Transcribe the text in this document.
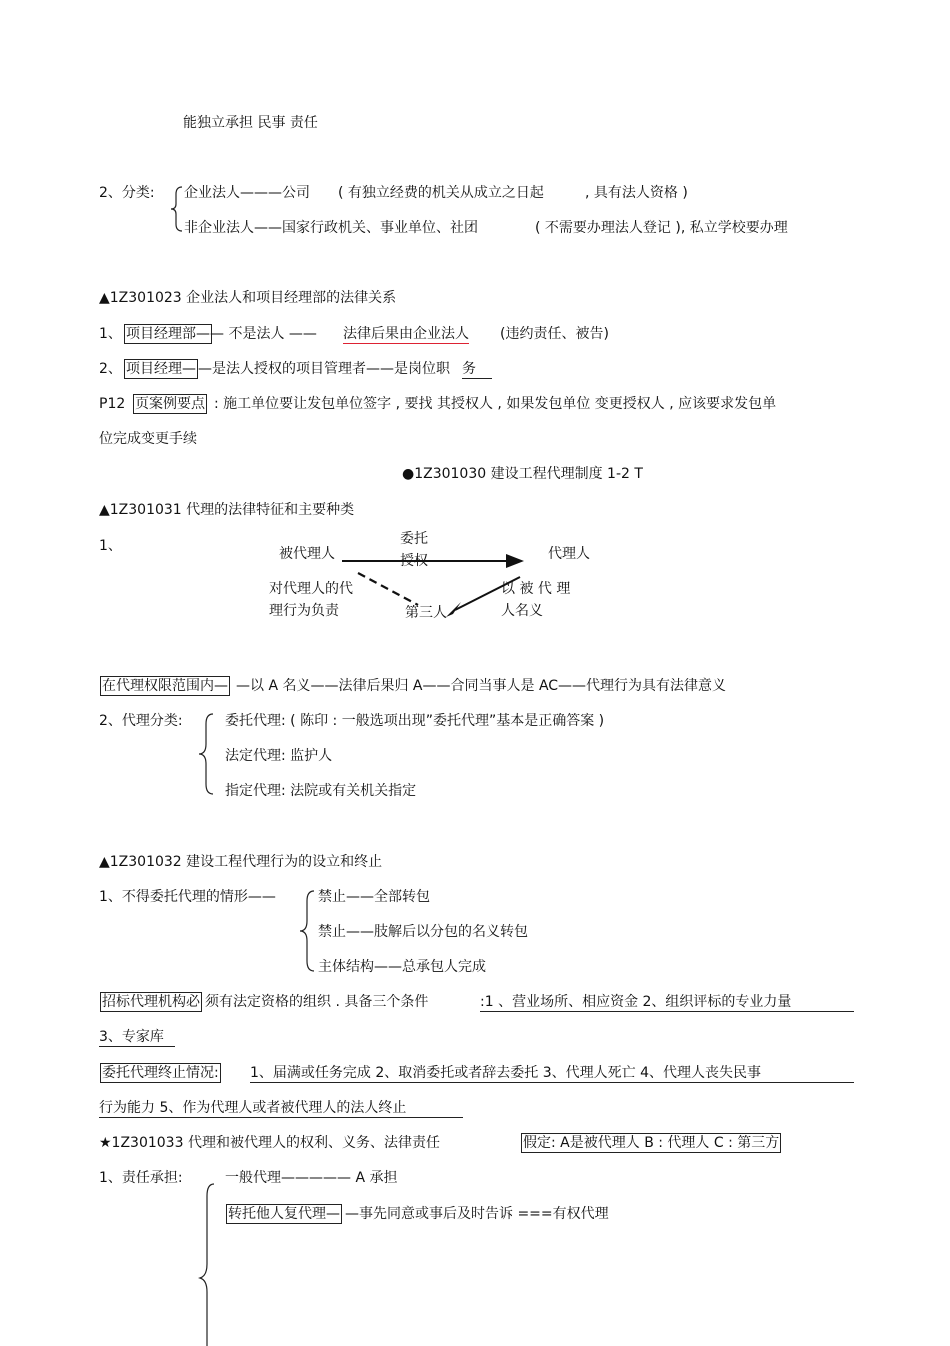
能独立承担 民事 责任
2、分类: 企业法人———公司 ( 有独立经费的机关从成立之日起	, 具有法人资格 )
非企业法人——国家行政机关、事业单位、社团	( 不需要办理法人登记 ), 私立学校要办理
▲1Z301023 企业法人和项目经理部的法律关系
1、 项目经理部— — 不是法人 —— 法律后果由企业法人 (违约责任、被告)
2、 项目经理— —是法人授权的项目管理者——是岗位职 务
P12 页案例要点 : 施工单位要让发包单位签字 , 要找 其授权人 , 如果发包单位 变更授权人 , 应该要求发包单
位完成变更手续
●1Z301030 建设工程代理制度 1-2 T
▲1Z301031 代理的法律特征和主要种类
1、	被代理人
委托
授权	代理人
对代理人的代
理行为负责
以 被 代 理
人名义
第三人
在代理权限范围内— —以 A 名义——法律后果归 A——合同当事人是 AC——代理行为具有法律意义
2、代理分类:	委托代理: ( 陈印 : 一般选项出现”委托代理”基本是正确答案 )
法定代理: 监护人
指定代理: 法院或有关机关指定
▲1Z301032 建设工程代理行为的设立和终止
1、不得委托代理的情形——	禁止——全部转包
禁止——肢解后以分包的名义转包
主体结构——总承包人完成
招标代理机构必 须有法定资格的组织 . 具备三个条件	:1 、营业场所、相应资金 2、组织评标的专业力量
3、专家库
委托代理终止情况: 1、届满或任务完成 2、取消委托或者辞去委托 3、代理人死亡 4、代理人丧失民事
行为能力 5、作为代理人或者被代理人的法人终止
★1Z301033 代理和被代理人的权利、义务、法律责任	假定: A是被代理人 B : 代理人 C : 第三方
1、责任承担:	一般代理————— A 承担
转托他人复代理— —事先同意或事后及时告诉 ===有权代理
